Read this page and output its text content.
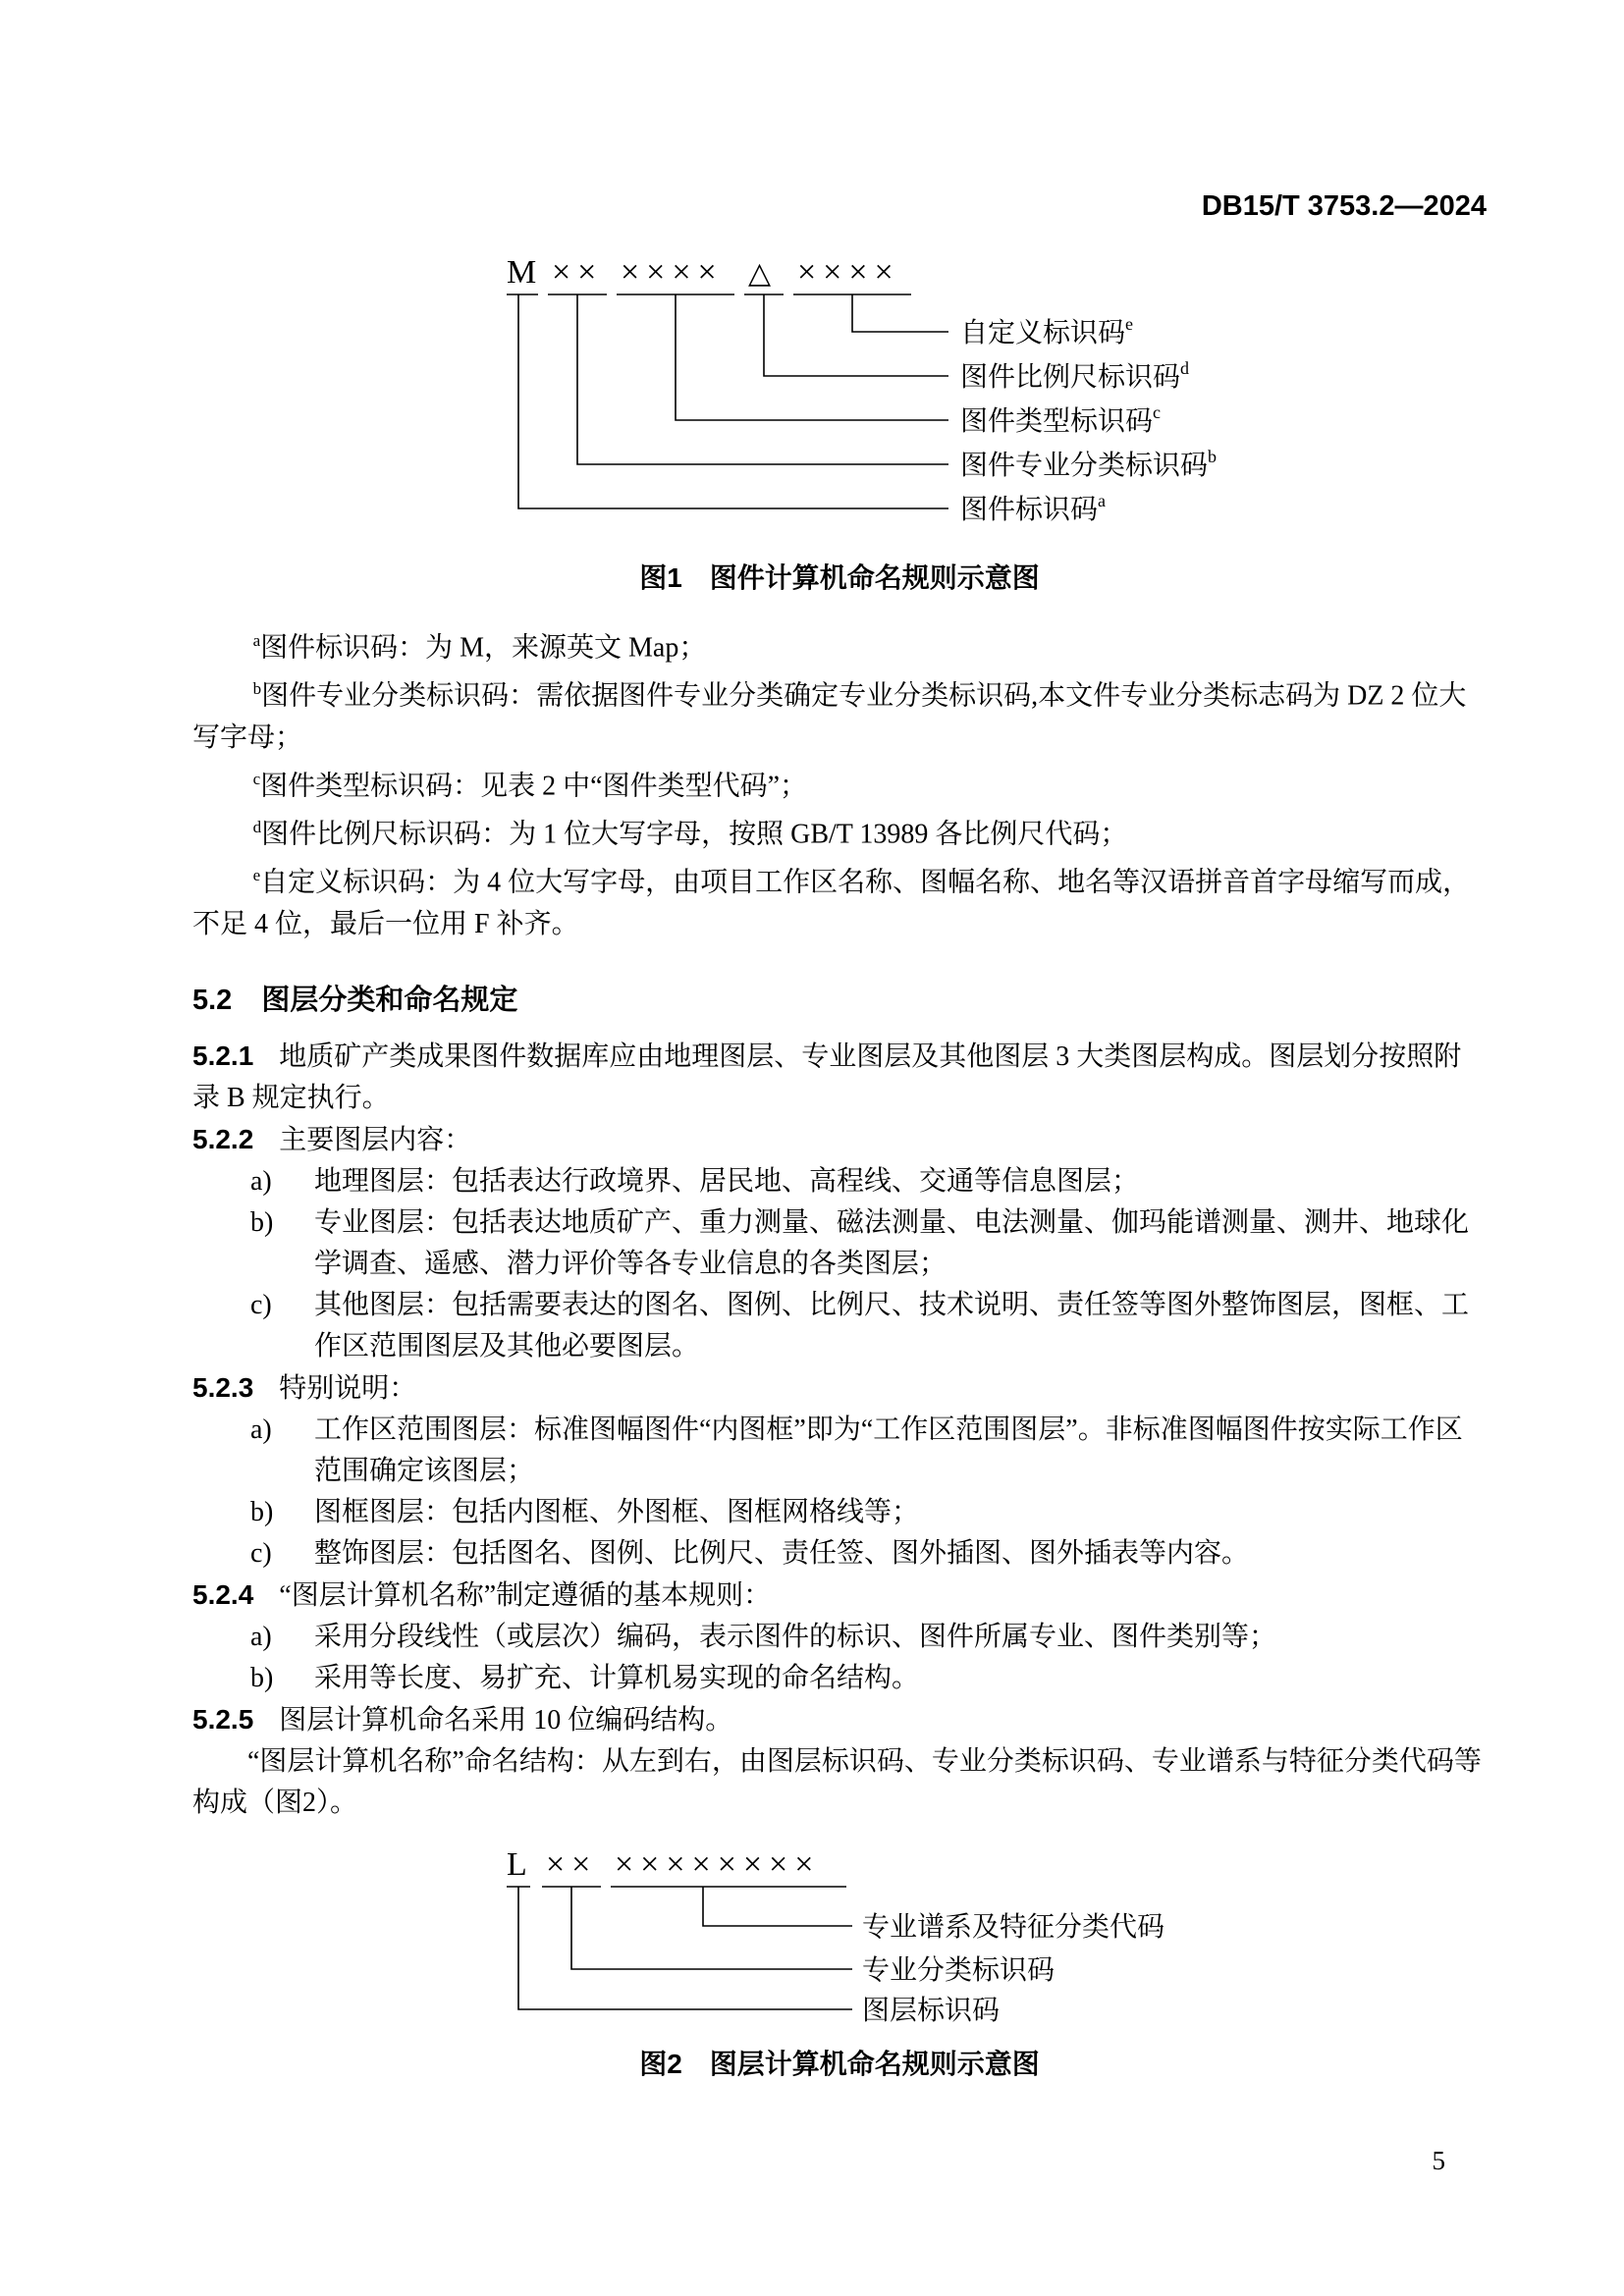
DB15/T 3753.2—2024
M ×× ×××× △ ××××
自定义标识码$^e$
图件比例尺标识码$^d$
图件类型标识码$^c$
图件专业分类标识码$^b$
图件标识码$^a$

图1　图件计算机命名规则示意图

$^a$图件标识码：为 M，来源英文 Map；

$^b$图件专业分类标识码：需依据图件专业分类确定专业分类标识码,本文件专业分类标志码为 DZ 2 位大写字母；

$^c$图件类型标识码：见表 2 中“图件类型代码”；

$^d$图件比例尺标识码：为 1 位大写字母，按照 GB/T 13989 各比例尺代码；

$^e$自定义标识码：为 4 位大写字母，由项目工作区名称、图幅名称、地名等汉语拼音首字母缩写而成，不足 4 位，最后一位用 F 补齐。

5.2 图层分类和命名规定

5.2.1 地质矿产类成果图件数据库应由地理图层、专业图层及其他图层 3 大类图层构成。图层划分按照附录 B 规定执行。

5.2.2 主要图层内容：

a) 地理图层：包括表达行政境界、居民地、高程线、交通等信息图层；
b) 专业图层：包括表达地质矿产、重力测量、磁法测量、电法测量、伽玛能谱测量、测井、地球化学调查、遥感、潜力评价等各专业信息的各类图层；
c) 其他图层：包括需要表达的图名、图例、比例尺、技术说明、责任签等图外整饰图层，图框、工作区范围图层及其他必要图层。

5.2.3 特别说明：

a) 工作区范围图层：标准图幅图件“内图框”即为“工作区范围图层”。非标准图幅图件按实际工作区范围确定该图层；
b) 图框图层：包括内图框、外图框、图框网格线等；
c) 整饰图层：包括图名、图例、比例尺、责任签、图外插图、图外插表等内容。

5.2.4 “图层计算机名称”制定遵循的基本规则：

a) 采用分段线性（或层次）编码，表示图件的标识、图件所属专业、图件类别等；
b) 采用等长度、易扩充、计算机易实现的命名结构。

5.2.5 图层计算机命名采用 10 位编码结构。

“图层计算机名称”命名结构：从左到右，由图层标识码、专业分类标识码、专业谱系与特征分类代码等构成（图2）。

L ×× ××××××××
专业谱系及特征分类代码
专业分类标识码
图层标识码

图2　图层计算机命名规则示意图

5
